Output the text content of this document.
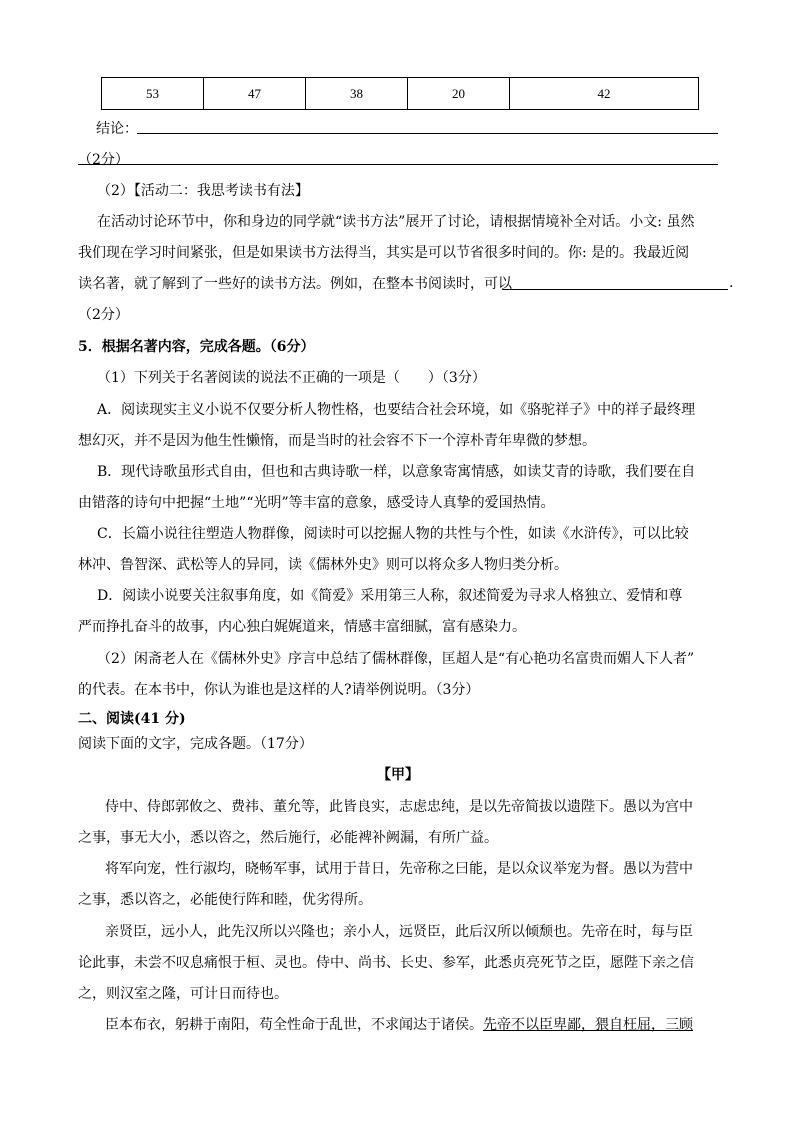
53	47	38	20	42
结论：
（2分）
（2）【活动二：我思考读书有法】
在活动讨论环节中，你和身边的同学就“读书方法”展开了讨论，请根据情境补全对话。小文: 虽然
我们现在学习时间紧张，但是如果读书方法得当，其实是可以节省很多时间的。你: 是的。我最近阅
读名著，就了解到了一些好的读书方法。例如，在整本书阅读时，可以	.
（2分）
5．根据名著内容，完成各题。（6分）
（1）下列关于名著阅读的说法不正确的一项是（　　）（3分）
A．阅读现实主义小说不仅要分析人物性格，也要结合社会环境，如《骆驼祥子》中的祥子最终理
想幻灭，并不是因为他生性懒惰，而是当时的社会容不下一个淳朴青年卑微的梦想。
B．现代诗歌虽形式自由，但也和古典诗歌一样，以意象寄寓情感，如读艾青的诗歌，我们要在自
由错落的诗句中把握“土地”“光明”等丰富的意象，感受诗人真挚的爱国热情。
C．长篇小说往往塑造人物群像，阅读时可以挖掘人物的共性与个性，如读《水浒传》，可以比较
林冲、鲁智深、武松等人的异同，读《儒林外史》则可以将众多人物归类分析。
D．阅读小说要关注叙事角度，如《简爱》采用第三人称，叙述简爱为寻求人格独立、爱情和尊
严而挣扎奋斗的故事，内心独白娓娓道来，情感丰富细腻，富有感染力。
（2）闲斋老人在《儒林外史》序言中总结了儒林群像，匡超人是“有心艳功名富贵而媚人下人者”
的代表。在本书中，你认为谁也是这样的人?请举例说明。（3分）
二、阅读(41 分)
阅读下面的文字，完成各题。（17分）
【甲】
侍中、侍郎郭攸之、费祎、董允等，此皆良实，志虑忠纯，是以先帝简拔以遗陛下。愚以为宫中
之事，事无大小，悉以咨之，然后施行，必能裨补阙漏，有所广益。
将军向宠，性行淑均，晓畅军事，试用于昔日，先帝称之曰能，是以众议举宠为督。愚以为营中
之事，悉以咨之，必能使行阵和睦，优劣得所。
亲贤臣，远小人，此先汉所以兴隆也；亲小人，远贤臣，此后汉所以倾颓也。先帝在时，每与臣
论此事，未尝不叹息痛恨于桓、灵也。侍中、尚书、长史、参军，此悉贞亮死节之臣，愿陛下亲之信
之，则汉室之隆，可计日而待也。
臣本布衣，躬耕于南阳，苟全性命于乱世，不求闻达于诸侯。先帝不以臣卑鄙，猥自枉屈，三顾
